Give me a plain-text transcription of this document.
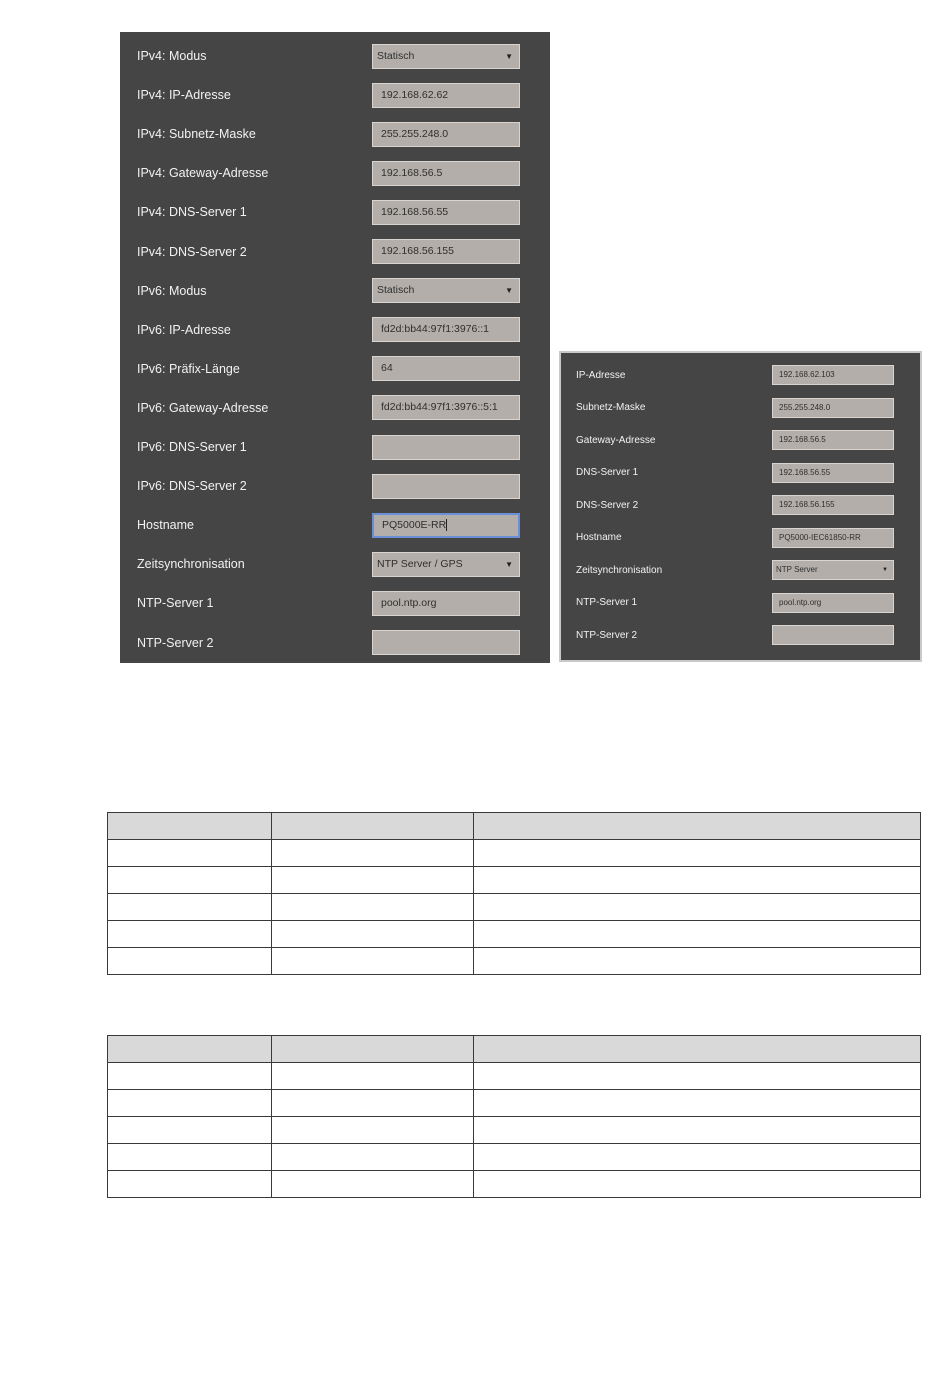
IPv4: Modus	Statisch	▼
IPv4: IP-Adresse	192.168.62.62
IPv4: Subnetz-Maske	255.255.248.0
IPv4: Gateway-Adresse	192.168.56.5
IPv4: DNS-Server 1	192.168.56.55
IPv4: DNS-Server 2	192.168.56.155
IPv6: Modus	Statisch	▼
IPv6: IP-Adresse	fd2d:bb44:97f1:3976::1
IPv6: Präfix-Länge	64
IPv6: Gateway-Adresse	fd2d:bb44:97f1:3976::5:1
IPv6: DNS-Server 1
IPv6: DNS-Server 2
Hostname	PQ5000E-RR
Zeitsynchronisation	NTP Server / GPS	▼
NTP-Server 1	pool.ntp.org
NTP-Server 2
IP-Adresse	192.168.62.103
Subnetz-Maske	255.255.248.0
Gateway-Adresse	192.168.56.5
DNS-Server 1	192.168.56.55
DNS-Server 2	192.168.56.155
Hostname	PQ5000-IEC61850-RR
Zeitsynchronisation	NTP Server	▼
NTP-Server 1	pool.ntp.org
NTP-Server 2
